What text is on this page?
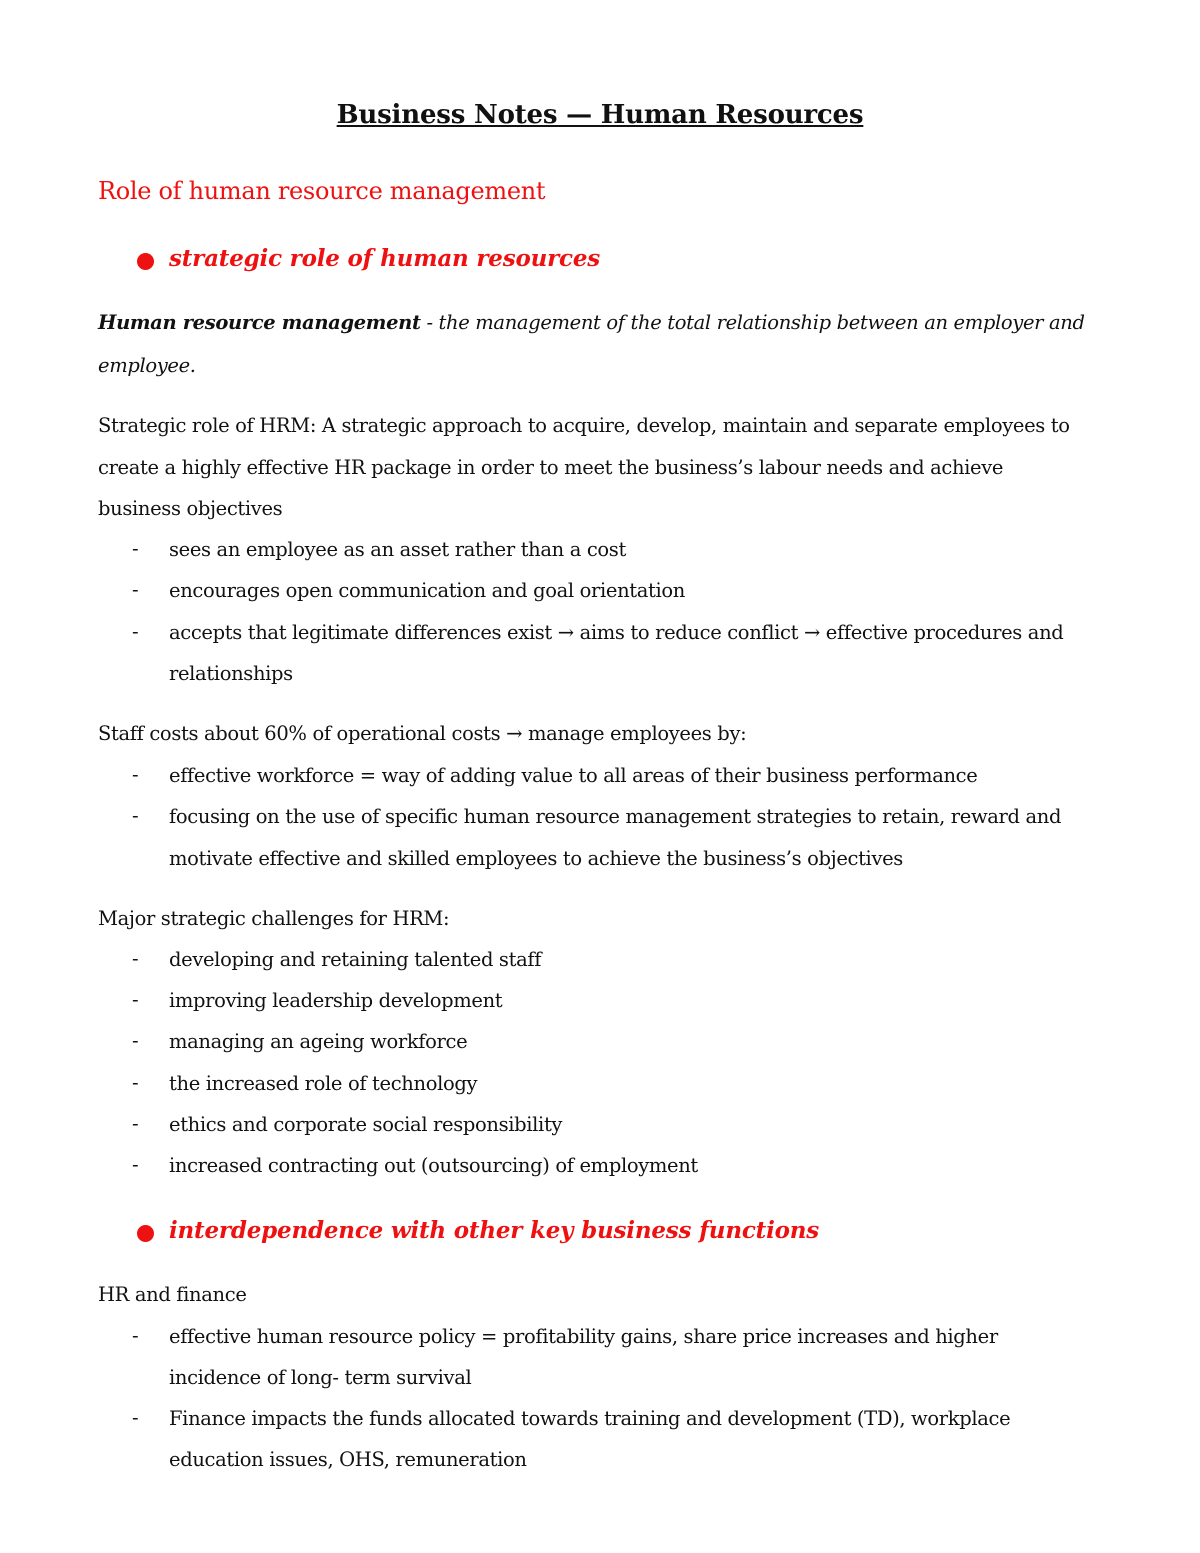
Business Notes — Human Resources
Role of human resource management
strategic role of human resources
Human resource management - the management of the total relationship between an employer and
employee.
Strategic role of HRM: A strategic approach to acquire, develop, maintain and separate employees to
create a highly effective HR package in order to meet the business’s labour needs and achieve
business objectives
- sees an employee as an asset rather than a cost
- encourages open communication and goal orientation
- accepts that legitimate differences exist → aims to reduce conflict → effective procedures and
relationships
Staff costs about 60% of operational costs → manage employees by:
- effective workforce = way of adding value to all areas of their business performance
- focusing on the use of specific human resource management strategies to retain, reward and
motivate effective and skilled employees to achieve the business’s objectives
Major strategic challenges for HRM:
- developing and retaining talented staff
- improving leadership development
- managing an ageing workforce
- the increased role of technology
- ethics and corporate social responsibility
- increased contracting out (outsourcing) of employment
interdependence with other key business functions
HR and finance
- effective human resource policy = profitability gains, share price increases and higher
incidence of long- term survival
- Finance impacts the funds allocated towards training and development (TD), workplace
education issues, OHS, remuneration
